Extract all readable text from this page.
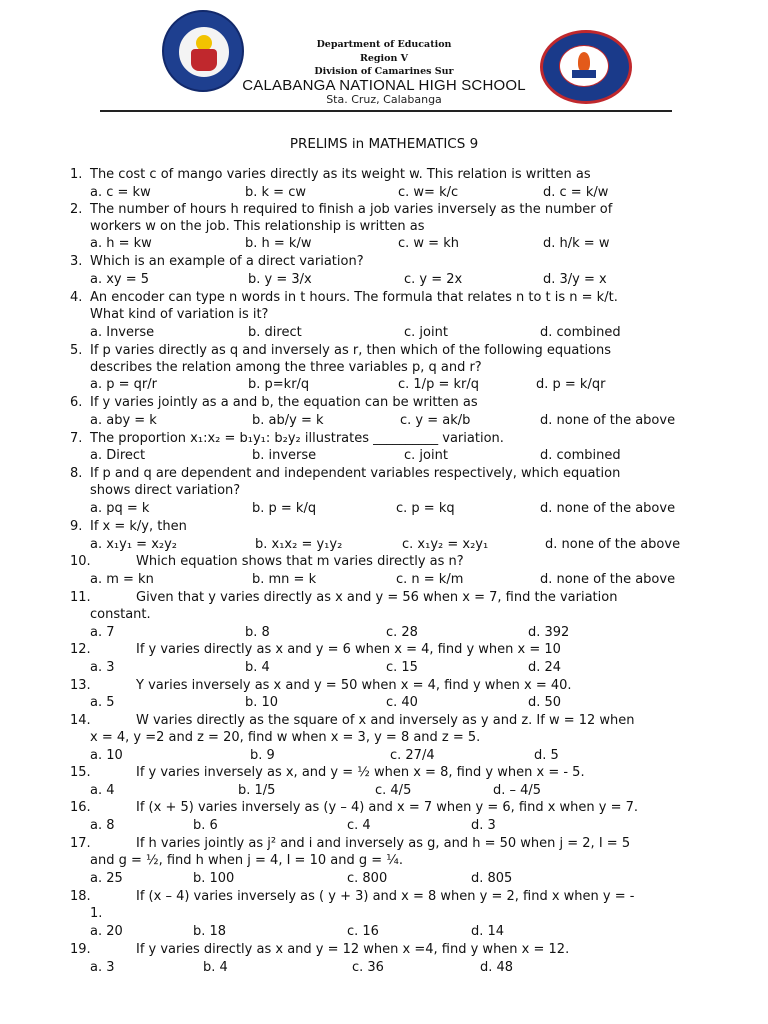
Department of Education
Region V
Division of Camarines Sur
CALABANGA NATIONAL HIGH SCHOOL
Sta. Cruz, Calabanga
PRELIMS in MATHEMATICS 9
1. The cost c of mango varies directly as its weight w. This relation is written as
a. c = kw	b. k = cw	c. w= k/c	d. c = k/w
2. The number of hours h required to finish a job varies inversely as the number of
workers w on the job. This relationship is written as
a. h = kw	b. h = k/w	c. w = kh	d. h/k = w
3. Which is an example of a direct variation?
a. xy = 5	b. y = 3/x	c. y = 2x	d. 3/y = x
4. An encoder can type n words in t hours. The formula that relates n to t is n = k/t.
What kind of variation is it?
a. Inverse	b. direct	c. joint	d. combined
5. If p varies directly as q and inversely as r, then which of the following equations
describes the relation among the three variables p, q and r?
a. p = qr/r	b. p=kr/q	c. 1/p = kr/q	d. p = k/qr
6. If y varies jointly as a and b, the equation can be written as
a. aby = k	b. ab/y = k	c. y = ak/b	d. none of the above
7. The proportion x₁:x₂ = b₁y₁: b₂y₂ illustrates __________ variation.
a. Direct	b. inverse	c. joint	d. combined
8. If p and q are dependent and independent variables respectively, which equation
shows direct variation?
a. pq = k	b. p = k/q	c. p = kq	d. none of the above
9. If x = k/y, then
a. x₁y₁ = x₂y₂	b. x₁x₂ = y₁y₂	c. x₁y₂ = x₂y₁	d. none of the above
10.	Which equation shows that m varies directly as n?
a. m = kn	b. mn = k	c. n = k/m	d. none of the above
11.	Given that y varies directly as x and y = 56 when x = 7, find the variation
constant.
a. 7	b. 8	c. 28	d. 392
12.	If y varies directly as x and y = 6 when x = 4, find y when x = 10
a. 3	b. 4	c. 15	d. 24
13.	Y varies inversely as x and y = 50 when x = 4, find y when x = 40.
a. 5	b. 10	c. 40	d. 50
14.	W varies directly as the square of x and inversely as y and z. If w = 12 when
x = 4, y =2 and z = 20, find w when x = 3, y = 8 and z = 5.
a. 10	b. 9	c. 27/4	d. 5
15.	If y varies inversely as x, and y = ½ when x = 8, find y when x = - 5.
a. 4	b. 1/5	c. 4/5	d. – 4/5
16.	If (x + 5) varies inversely as (y – 4) and x = 7 when y = 6, find x when y = 7.
a. 8	b. 6	c. 4	d. 3
17.	If h varies jointly as j² and i and inversely as g, and h = 50 when j = 2, I = 5
and g = ½, find h when j = 4, I = 10 and g = ¼.
a. 25	b. 100	c. 800	d. 805
18.	If (x – 4) varies inversely as ( y + 3) and x = 8 when y = 2, find x when y = -
1.
a. 20	b. 18	c. 16	d. 14
19.	If y varies directly as x and y = 12 when x =4, find y when x = 12.
a. 3	b. 4	c. 36	d. 48
